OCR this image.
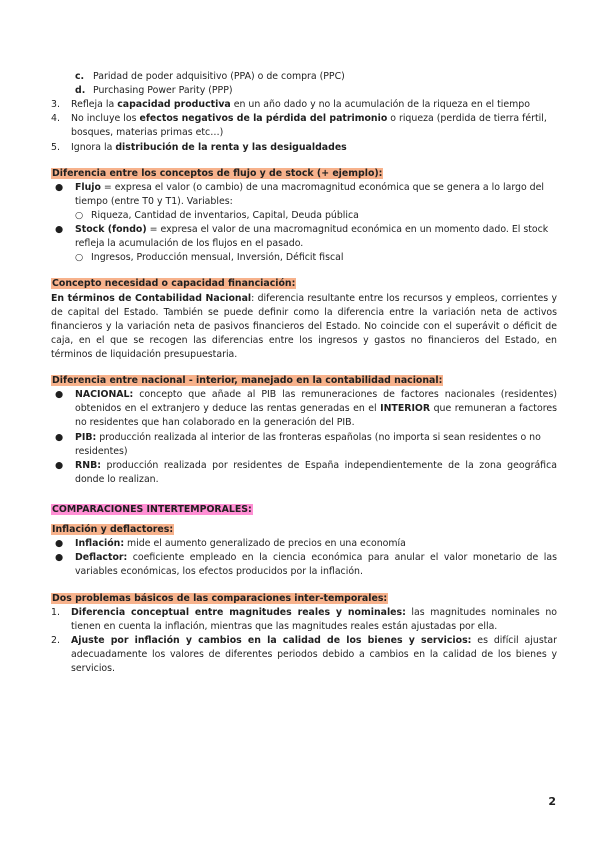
c. Paridad de poder adquisitivo (PPA) o de compra (PPC)
d. Purchasing Power Parity (PPP)
3.	Refleja la capacidad productiva en un año dado y no la acumulación de la riqueza en el tiempo

4.	No incluye los efectos negativos de la pérdida del patrimonio o riqueza (perdida de tierra fértil, bosques, materias primas etc…)

5.	Ignora la distribución de la renta y las desigualdades

Diferencia entre los conceptos de flujo y de stock (+ ejemplo):
●	Flujo = expresa el valor (o cambio) de una macromagnitud económica que se genera a lo largo del tiempo (entre T0 y T1). Variables:

○ Riqueza, Cantidad de inventarios, Capital, Deuda pública
●	Stock (fondo) = expresa el valor de una macromagnitud económica en un momento dado. El stock refleja la acumulación de los flujos en el pasado.

○ Ingresos, Producción mensual, Inversión, Déficit fiscal
Concepto necesidad o capacidad financiación:

En términos de Contabilidad Nacional: diferencia resultante entre los recursos y empleos, corrientes y de capital del Estado. También se puede definir como la diferencia entre la variación neta de activos financieros y la variación neta de pasivos financieros del Estado. No coincide con el superávit o déficit de caja, en el que se recogen las diferencias entre los ingresos y gastos no financieros del Estado, en términos de liquidación presupuestaria.

Diferencia entre nacional - interior, manejado en la contabilidad nacional:
●	NACIONAL: concepto que añade al PIB las remuneraciones de factores nacionales (residentes) obtenidos en el extranjero y deduce las rentas generadas en el INTERIOR que remuneran a factores no residentes que han colaborado en la generación del PIB.

●	PIB: producción realizada al interior de las fronteras españolas (no importa si sean residentes o no residentes)

●	RNB: producción realizada por residentes de España independientemente de la zona geográfica donde lo realizan.

COMPARACIONES INTERTEMPORALES:
Inflación y deflactores:
●	Inflación: mide el aumento generalizado de precios en una economía

●	Deflactor: coeficiente empleado en la ciencia económica para anular el valor monetario de las variables económicas, los efectos producidos por la inflación.

Dos problemas básicos de las comparaciones inter-temporales:
1.	Diferencia conceptual entre magnitudes reales y nominales: las magnitudes nominales no tienen en cuenta la inflación, mientras que las magnitudes reales están ajustadas por ella.

2.	Ajuste por inflación y cambios en la calidad de los bienes y servicios: es difícil ajustar adecuadamente los valores de diferentes periodos debido a cambios en la calidad de los bienes y servicios.

2
